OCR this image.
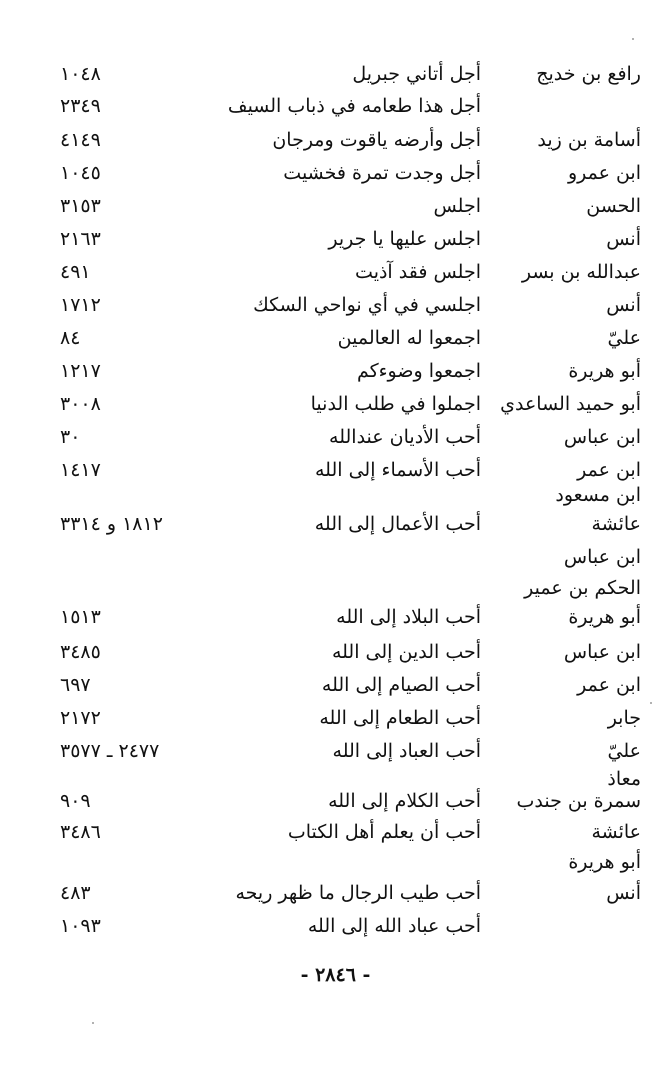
رافع بن خديج
أجل أتاني جبريل
١٠٤٨
أجل هذا طعامه في ذباب السيف
٢٣٤٩
أسامة بن زيد
أجل وأرضه ياقوت ومرجان
٤١٤٩
ابن عمرو
أجل وجدت تمرة فخشيت
١٠٤٥
الحسن
اجلس
٣١٥٣
أنس
اجلس عليها يا جرير
٢١٦٣
عبدالله بن بسر
اجلس فقد آذيت
٤٩١
أنس
اجلسي في أي نواحي السكك
١٧١٢
عليّ
اجمعوا له العالمين
٨٤
أبو هريرة
اجمعوا وضوءكم
١٢١٧
أبو حميد الساعدي
اجملوا في طلب الدنيا
٣٠٠٨
ابن عباس
أحب الأديان عندالله
٣٠
ابن عمر
أحب الأسماء إلى الله
١٤١٧
ابن مسعود
عائشة
أحب الأعمال إلى الله
١٨١٢ و ٣٣١٤
ابن عباس
الحكم بن عمير
أبو هريرة
أحب البلاد إلى الله
١٥١٣
ابن عباس
أحب الدين إلى الله
٣٤٨٥
ابن عمر
أحب الصيام إلى الله
٦٩٧
جابر
أحب الطعام إلى الله
٢١٧٢
عليّ
أحب العباد إلى الله
٢٤٧٧ ـ ٣٥٧٧
معاذ
سمرة بن جندب
أحب الكلام إلى الله
٩٠٩
عائشة
أحب أن يعلم أهل الكتاب
٣٤٨٦
أبو هريرة
أنس
أحب طيب الرجال ما ظهر ريحه
٤٨٣
أحب عباد الله إلى الله
١٠٩٣
- ٢٨٤٦ -
